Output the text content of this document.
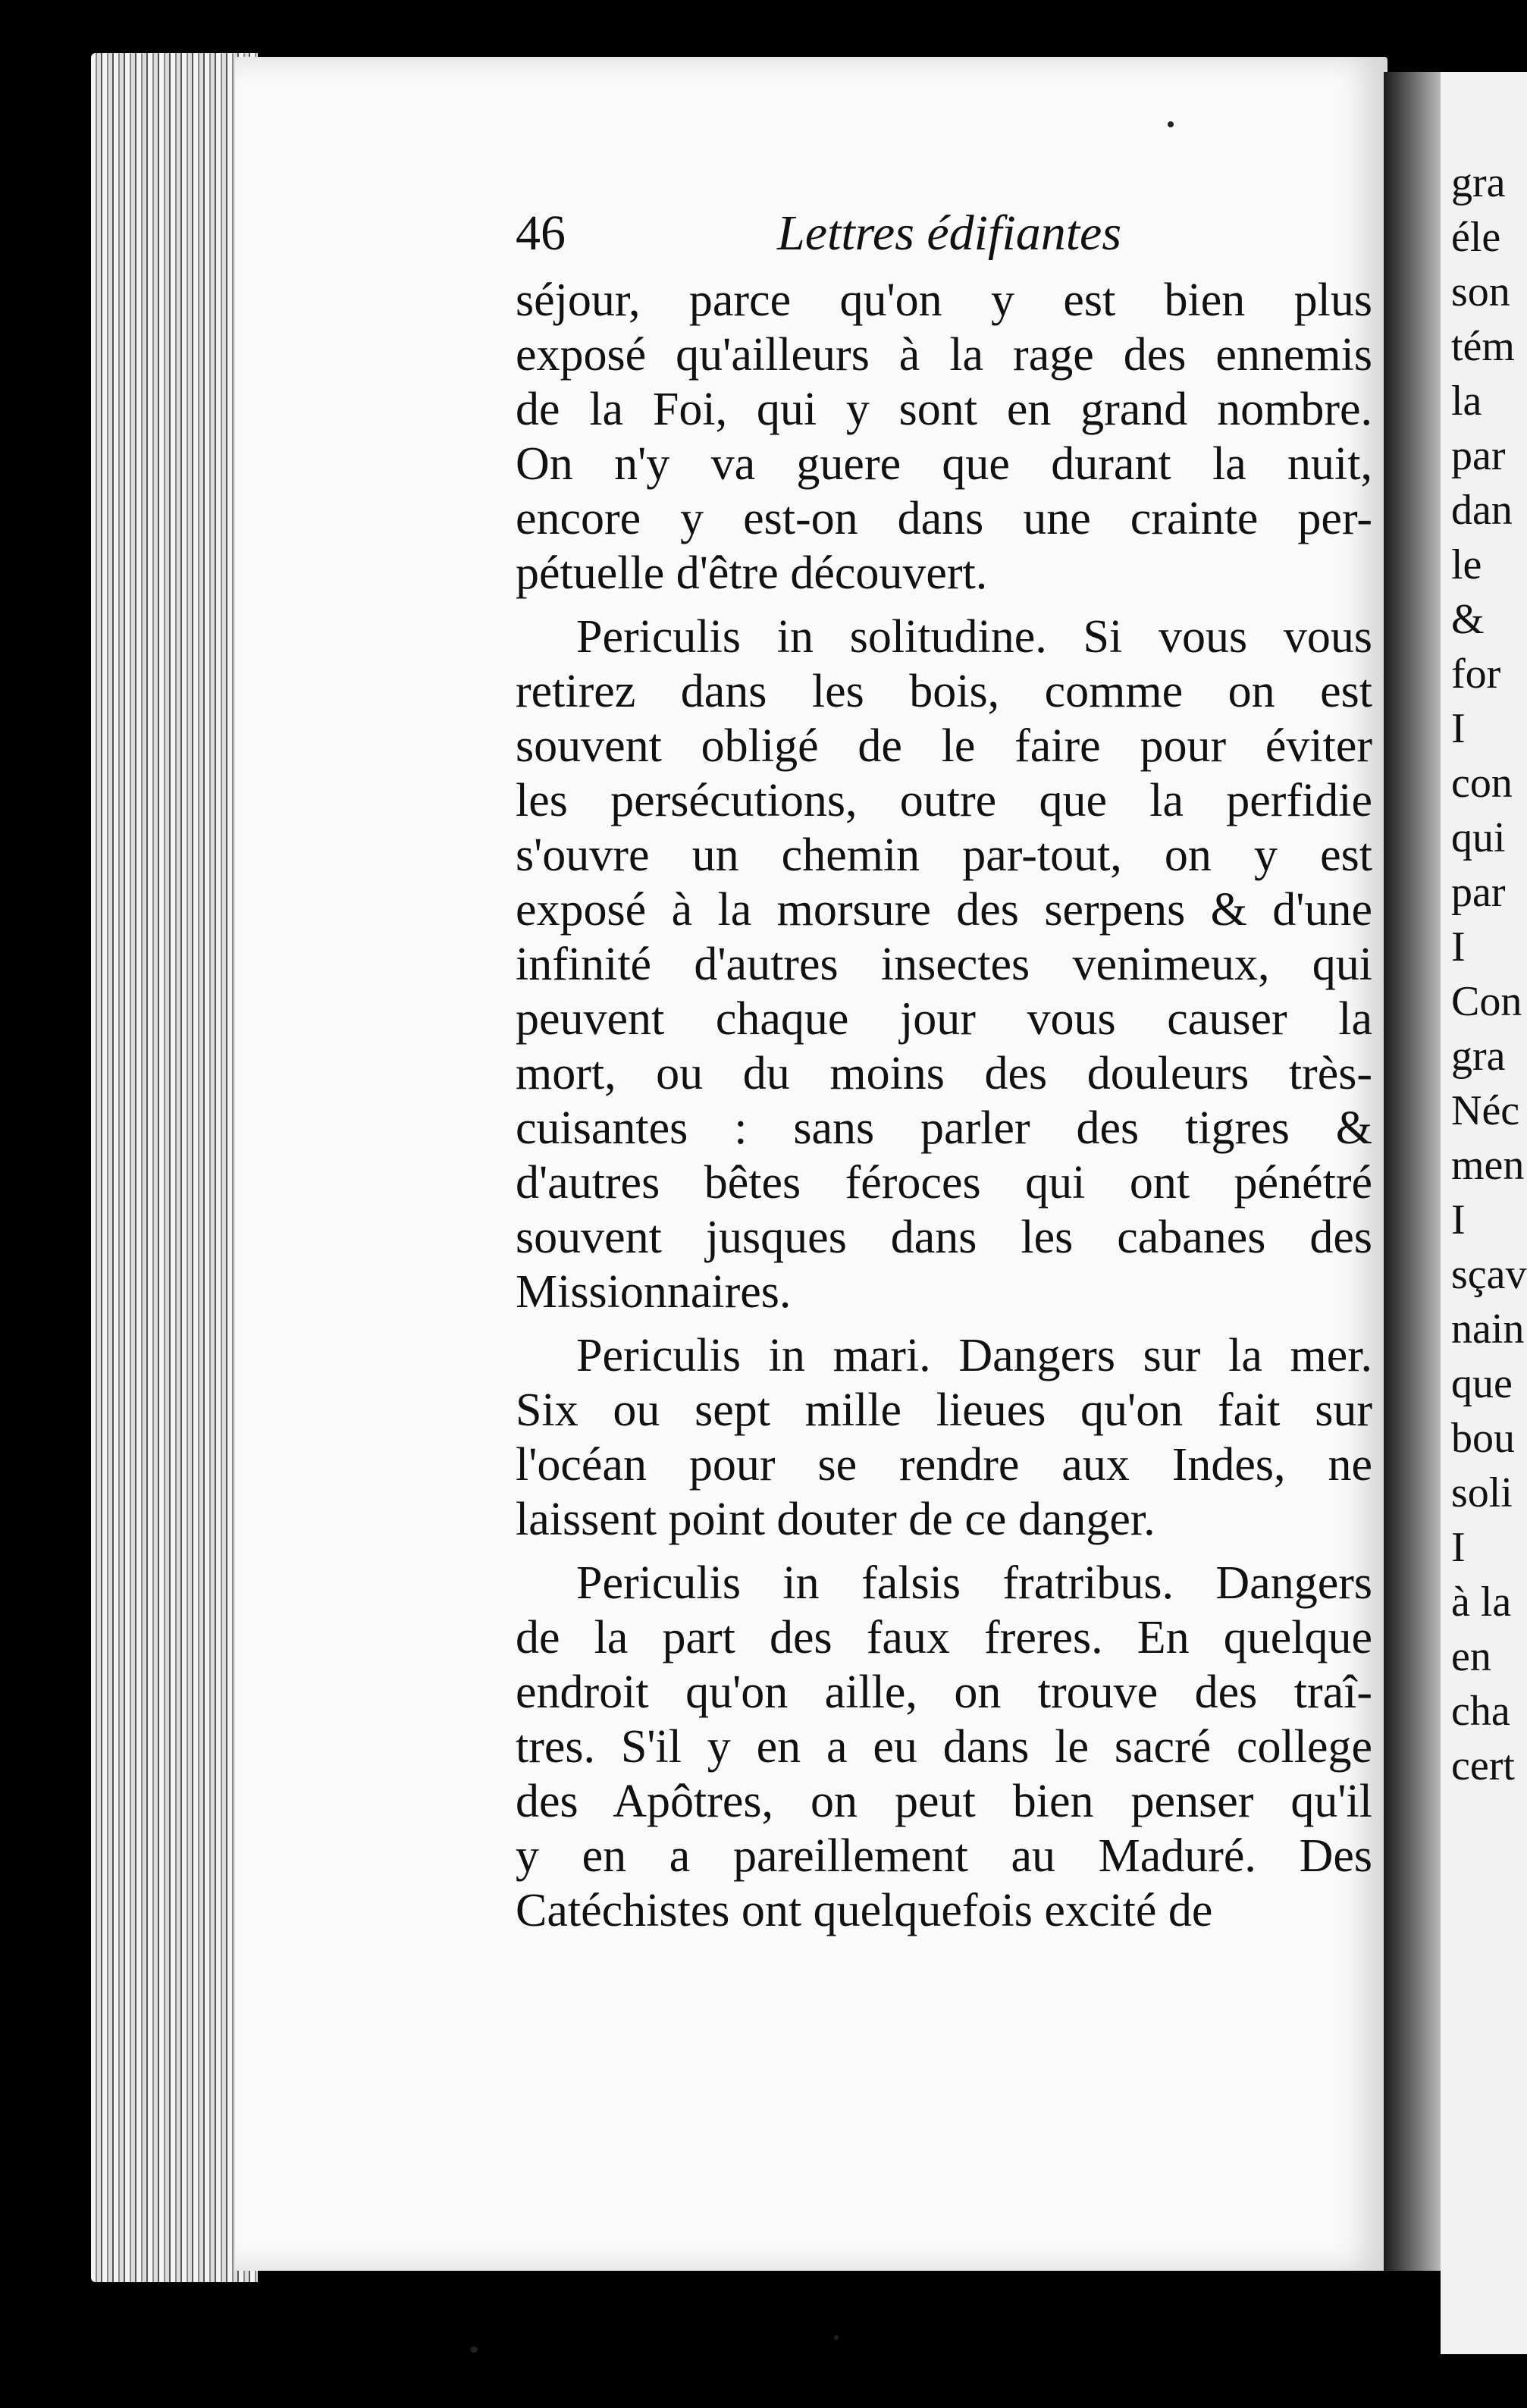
gra
éle
son
tém
la
par
dan
le
&
for
I
con
qui
par
I
Con
gra
Néc
men
I
sçav
nain
que
bou
soli
I
à la
en
cha
cert
46	Lettres édifiantes
séjour, parce qu'on y est bien plus
exposé qu'ailleurs à la rage des ennemis
de la Foi, qui y sont en grand nombre.
On n'y va guere que durant la nuit,
encore y est-on dans une crainte per-
pétuelle d'être découvert.
Periculis in solitudine. Si vous vous
retirez dans les bois, comme on est
souvent obligé de le faire pour éviter
les persécutions, outre que la perfidie
s'ouvre un chemin par-tout, on y est
exposé à la morsure des serpens & d'une
infinité d'autres insectes venimeux, qui
peuvent chaque jour vous causer la
mort, ou du moins des douleurs très-
cuisantes : sans parler des tigres &
d'autres bêtes féroces qui ont pénétré
souvent jusques dans les cabanes des
Missionnaires.
Periculis in mari. Dangers sur la mer.
Six ou sept mille lieues qu'on fait sur
l'océan pour se rendre aux Indes, ne
laissent point douter de ce danger.
Periculis in falsis fratribus. Dangers
de la part des faux freres. En quelque
endroit qu'on aille, on trouve des traî-
tres. S'il y en a eu dans le sacré college
des Apôtres, on peut bien penser qu'il
y en a pareillement au Maduré. Des
Catéchistes ont quelquefois excité de
